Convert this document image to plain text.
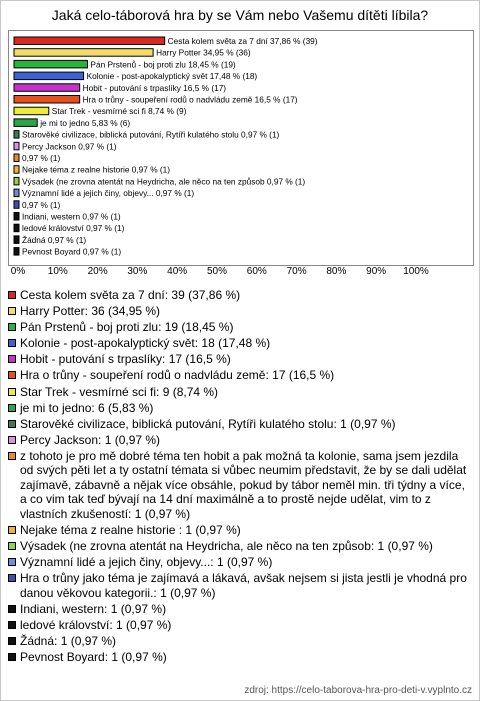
Jaká celo-táborová hra by se Vám nebo Vašemu dítěti líbila?
Cesta kolem světa za 7 dní 37,86 % (39)
Harry Potter 34,95 % (36)
Pán Prstenů - boj proti zlu 18,45 % (19)
Kolonie - post-apokalyptický svět 17,48 % (18)
Hobit - putování s trpaslíky 16,5 % (17)
Hra o trůny - soupeření rodů o nadvládu země 16,5 % (17)
Star Trek - vesmírné sci fi 8,74 % (9)
je mi to jedno 5,83 % (6)
Starověké civilizace, biblická putování, Rytíři kulatého stolu 0,97 % (1)
Percy Jackson 0,97 % (1)
0,97 % (1)
Nejake téma z realne historie 0,97 % (1)
Výsadek (ne zrovna atentát na Heydricha, ale něco na ten způsob 0,97 % (1)
Významní lidé a jejich činy, objevy... 0,97 % (1)
0,97 % (1)
Indiani, western 0,97 % (1)
ledové království 0,97 % (1)
Žádná 0,97 % (1)
Pevnost Boyard 0,97 % (1)
0%	10%	20%	30%	40%	50%	60%	70%	80%	90%	100%
Cesta kolem světa za 7 dní: 39 (37,86 %)
Harry Potter: 36 (34,95 %)
Pán Prstenů - boj proti zlu: 19 (18,45 %)
Kolonie - post-apokalyptický svět: 18 (17,48 %)
Hobit - putování s trpaslíky: 17 (16,5 %)
Hra o trůny - soupeření rodů o nadvládu země: 17 (16,5 %)
Star Trek - vesmírné sci fi: 9 (8,74 %)
je mi to jedno: 6 (5,83 %)
Starověké civilizace, biblická putování, Rytíři kulatého stolu: 1 (0,97 %)
Percy Jackson: 1 (0,97 %)
z tohoto je pro mě dobré téma ten hobit a pak možná ta kolonie, sama jsem jezdila od svých pěti let a ty ostatní témata si vůbec neumim představit, že by se dali udělat zajímavě, zábavně a nějak více obsáhle, pokud by tábor neměl min. tři týdny a více, a co vim tak teď bývají na 14 dní maximálně a to prostě nejde udělat, vim to z vlastních zkušeností: 1 (0,97 %)
Nejake téma z realne historie : 1 (0,97 %)
Výsadek (ne zrovna atentát na Heydricha, ale něco na ten způsob: 1 (0,97 %)
Významní lidé a jejich činy, objevy...: 1 (0,97 %)
Hra o trůny jako téma je zajímavá a lákavá, avšak nejsem si jista jestli je vhodná pro danou věkovou kategorii.: 1 (0,97 %)
Indiani, western: 1 (0,97 %)
ledové království: 1 (0,97 %)
Žádná: 1 (0,97 %)
Pevnost Boyard: 1 (0,97 %)
zdroj: https://celo-taborova-hra-pro-deti-v.vyplnto.cz
